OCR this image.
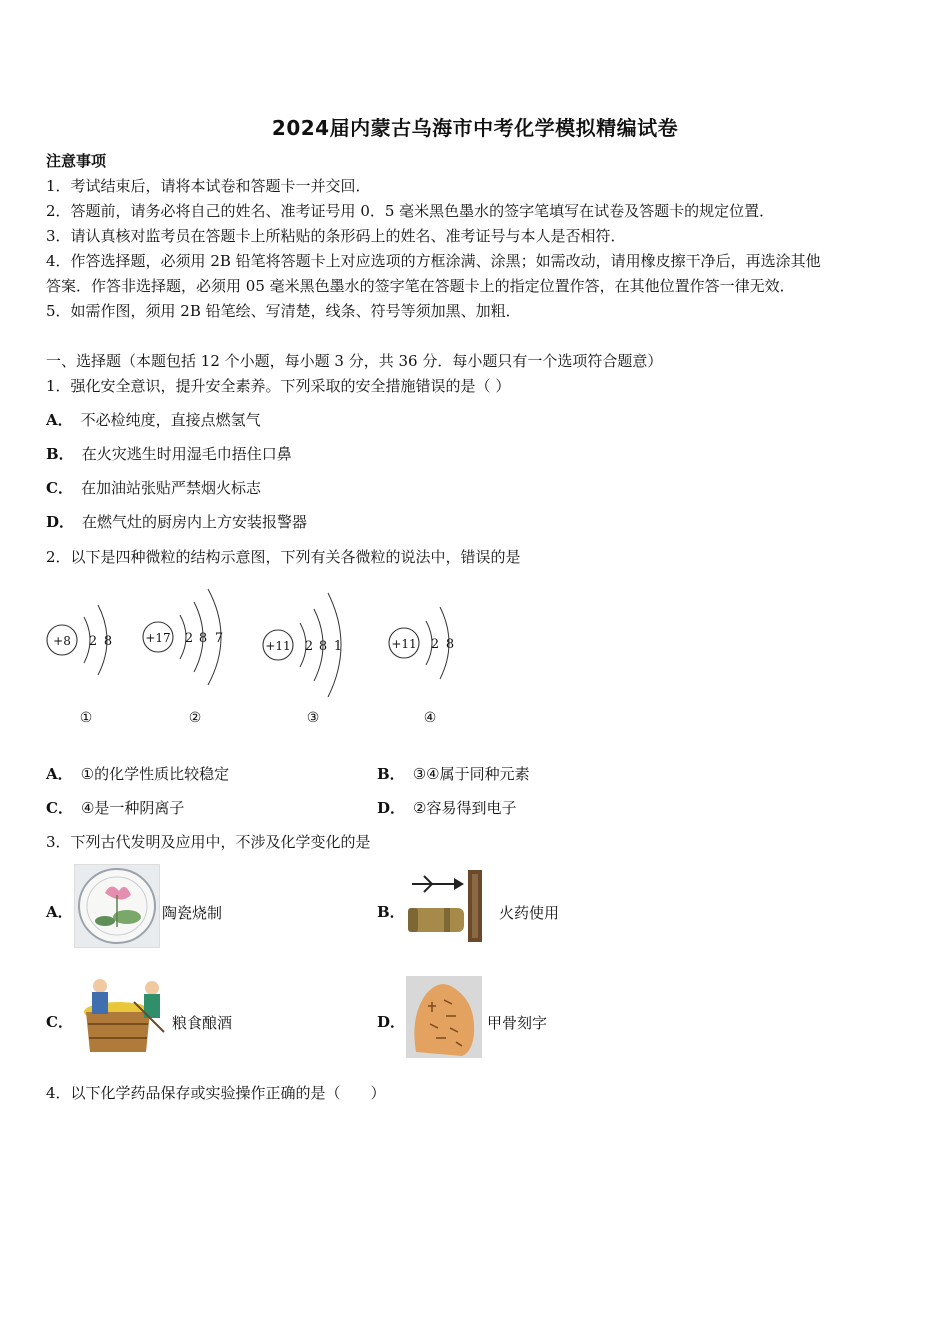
2024届内蒙古乌海市中考化学模拟精编试卷
注意事项
1．考试结束后，请将本试卷和答题卡一并交回．
2．答题前，请务必将自己的姓名、准考证号用 0．5 毫米黑色墨水的签字笔填写在试卷及答题卡的规定位置．
3．请认真核对监考员在答题卡上所粘贴的条形码上的姓名、准考证号与本人是否相符．
4．作答选择题，必须用 2B 铅笔将答题卡上对应选项的方框涂满、涂黑；如需改动，请用橡皮擦干净后，再选涂其他
答案．作答非选择题，必须用 05 毫米黑色墨水的签字笔在答题卡上的指定位置作答，在其他位置作答一律无效．
5．如需作图，须用 2B 铅笔绘、写清楚，线条、符号等须加黑、加粗．
一、选择题（本题包括 12 个小题，每小题 3 分，共 36 分．每小题只有一个选项符合题意）
1．强化安全意识，提升安全素养。下列采取的安全措施错误的是（ ）
A． 不必检纯度，直接点燃氢气
B． 在火灾逃生时用湿毛巾捂住口鼻
C． 在加油站张贴严禁烟火标志
D． 在燃气灶的厨房内上方安装报警器
2．以下是四种微粒的结构示意图，下列有关各微粒的说法中，错误的是
+8 2 8
①
+17 2 8 7
②
+11 2 8 1
③
+11 2 8
④
A． ①的化学性质比较稳定	B． ③④属于同种元素
C． ④是一种阴离子	D． ②容易得到电子
3．下列古代发明及应用中，不涉及化学变化的是
A．	陶瓷烧制	B．	火药使用
C．	粮食酿酒	D．	甲骨刻字
4．以下化学药品保存或实验操作正确的是（　　）
